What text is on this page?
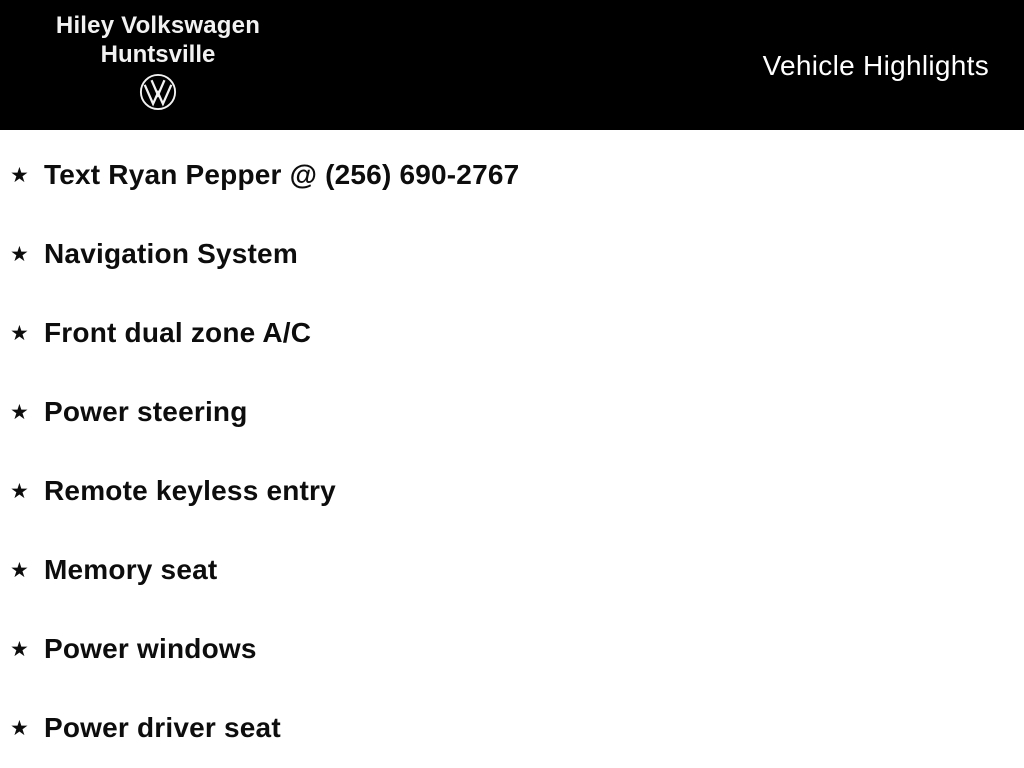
Hiley Volkswagen
Huntsville	Vehicle Highlights
★ Text Ryan Pepper @ (256) 690-2767
★ Navigation System
★ Front dual zone A/C
★ Power steering
★ Remote keyless entry
★ Memory seat
★ Power windows
★ Power driver seat
